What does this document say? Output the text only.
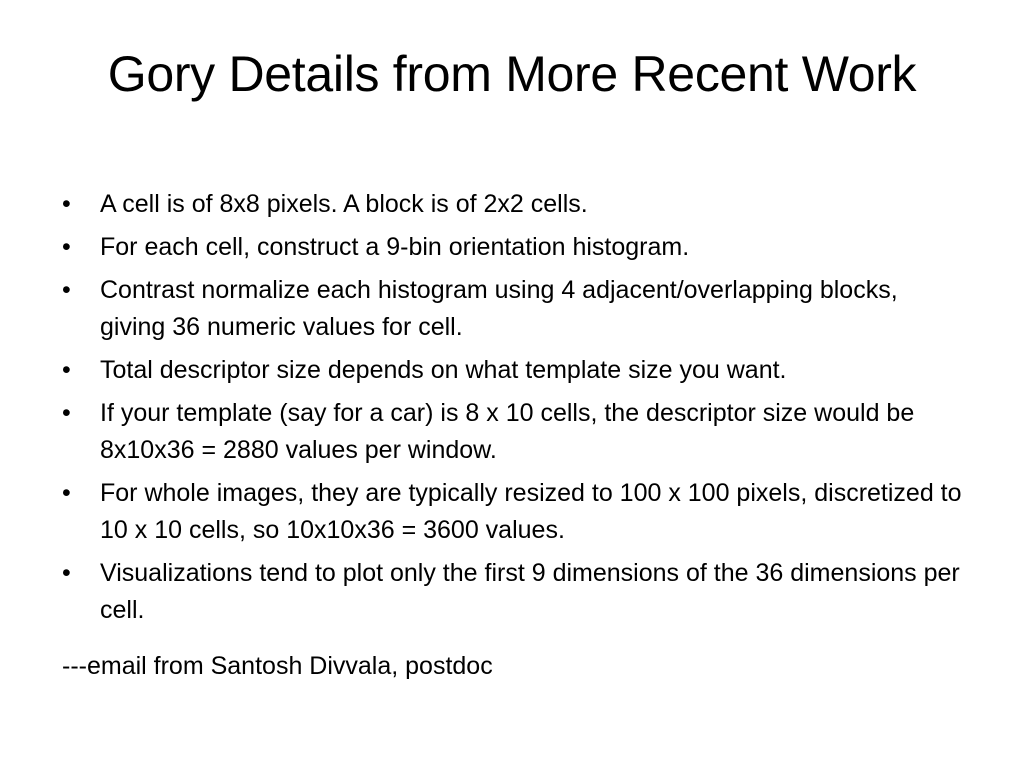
Gory Details from More Recent Work
•	A cell is of 8x8 pixels. A block is of 2x2 cells.
•	For each cell, construct a 9-bin orientation histogram.
•	Contrast normalize each histogram using 4 adjacent/overlapping blocks, giving 36 numeric values for cell.
•	Total descriptor size depends on what template size you want.
•	If your template (say for a car) is 8 x 10 cells, the descriptor size would be 8x10x36 = 2880 values per window.
•	For whole images, they are typically resized to 100 x 100 pixels, discretized to 10 x 10 cells, so 10x10x36 = 3600 values.
•	Visualizations tend to plot only the first 9 dimensions of the 36 dimensions per cell.

---email from Santosh Divvala, postdoc
